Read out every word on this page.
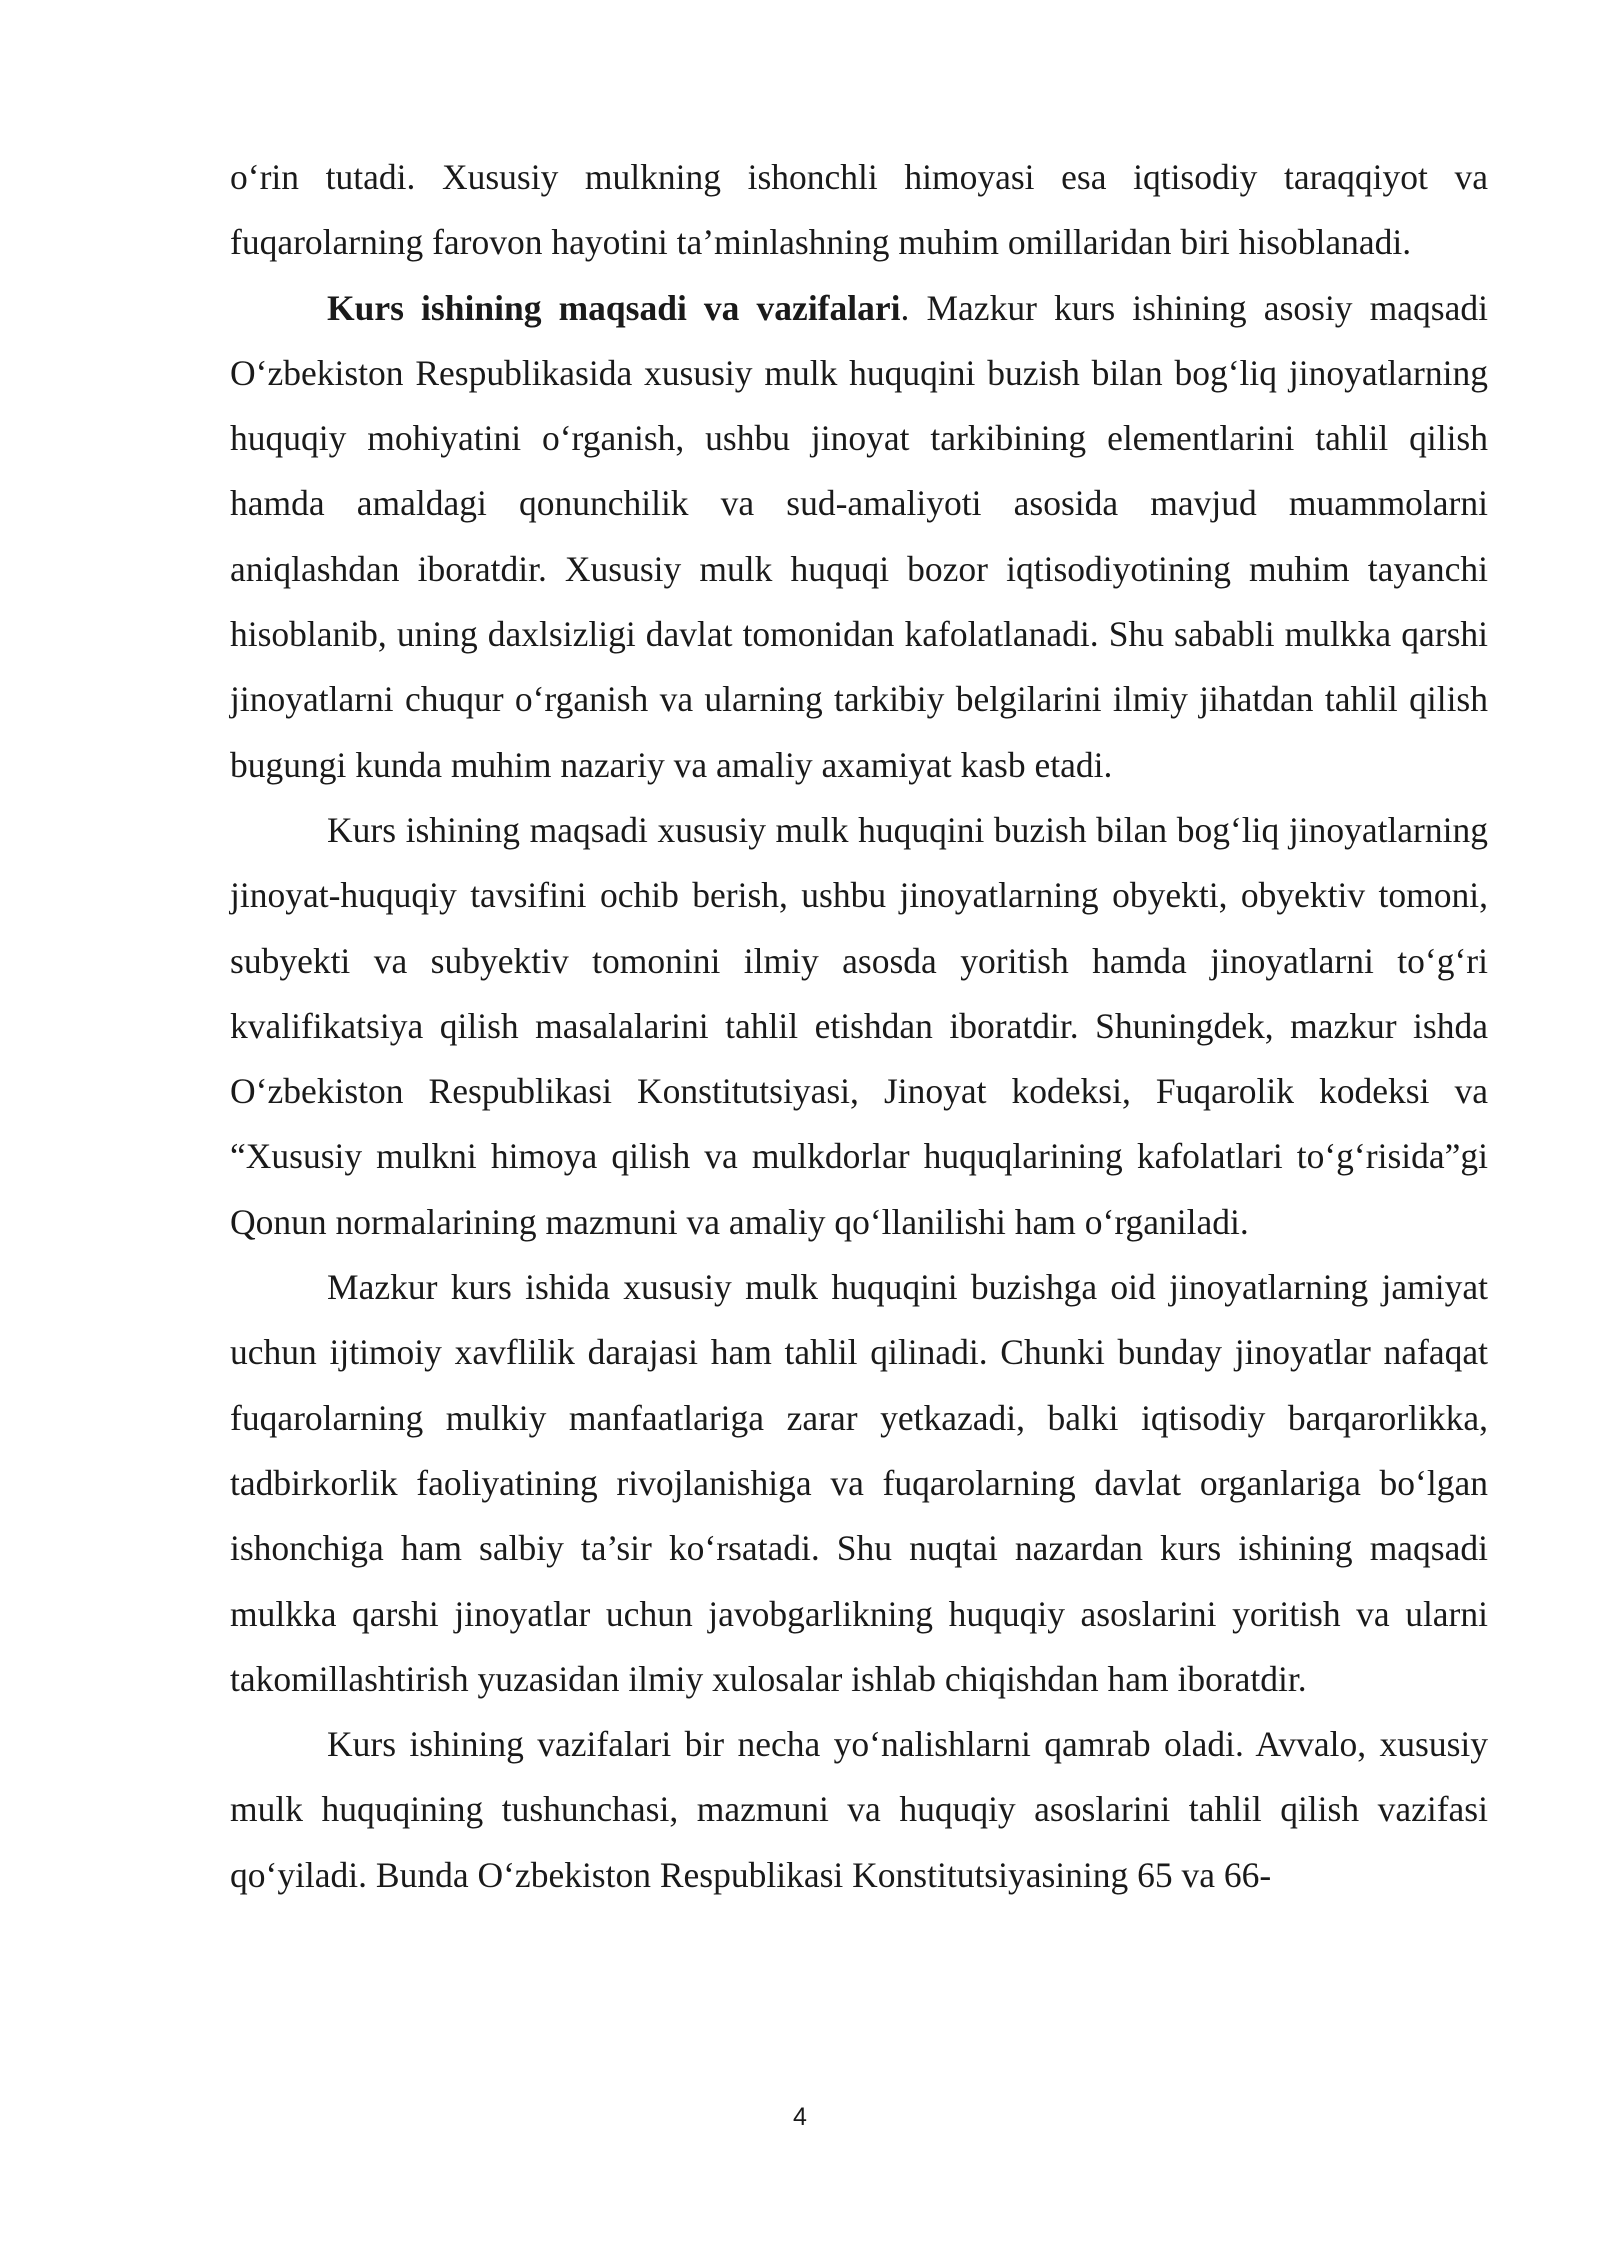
o‘rin tutadi. Xususiy mulkning ishonchli himoyasi esa iqtisodiy taraqqiyot va fuqarolarning farovon hayotini ta’minlashning muhim omillaridan biri hisoblanadi.

Kurs ishining maqsadi va vazifalari. Mazkur kurs ishining asosiy maqsadi O‘zbekiston Respublikasida xususiy mulk huquqini buzish bilan bog‘liq jinoyatlarning huquqiy mohiyatini o‘rganish, ushbu jinoyat tarkibining elementlarini tahlil qilish hamda amaldagi qonunchilik va sud-amaliyoti asosida mavjud muammolarni aniqlashdan iboratdir. Xususiy mulk huquqi bozor iqtisodiyotining muhim tayanchi hisoblanib, uning daxlsizligi davlat tomonidan kafolatlanadi. Shu sababli mulkka qarshi jinoyatlarni chuqur o‘rganish va ularning tarkibiy belgilarini ilmiy jihatdan tahlil qilish bugungi kunda muhim nazariy va amaliy axamiyat kasb etadi.

Kurs ishining maqsadi xususiy mulk huquqini buzish bilan bog‘liq jinoyatlarning jinoyat-huquqiy tavsifini ochib berish, ushbu jinoyatlarning obyekti, obyektiv tomoni, subyekti va subyektiv tomonini ilmiy asosda yoritish hamda jinoyatlarni to‘g‘ri kvalifikatsiya qilish masalalarini tahlil etishdan iboratdir. Shuningdek, mazkur ishda O‘zbekiston Respublikasi Konstitutsiyasi, Jinoyat kodeksi, Fuqarolik kodeksi va “Xususiy mulkni himoya qilish va mulkdorlar huquqlarining kafolatlari to‘g‘risida”gi Qonun normalarining mazmuni va amaliy qo‘llanilishi ham o‘rganiladi.

Mazkur kurs ishida xususiy mulk huquqini buzishga oid jinoyatlarning jamiyat uchun ijtimoiy xavflilik darajasi ham tahlil qilinadi. Chunki bunday jinoyatlar nafaqat fuqarolarning mulkiy manfaatlariga zarar yetkazadi, balki iqtisodiy barqarorlikka, tadbirkorlik faoliyatining rivojlanishiga va fuqarolarning davlat organlariga bo‘lgan ishonchiga ham salbiy ta’sir ko‘rsatadi. Shu nuqtai nazardan kurs ishining maqsadi mulkka qarshi jinoyatlar uchun javobgarlikning huquqiy asoslarini yoritish va ularni takomillashtirish yuzasidan ilmiy xulosalar ishlab chiqishdan ham iboratdir.

Kurs ishining vazifalari bir necha yo‘nalishlarni qamrab oladi. Avvalo, xususiy mulk huquqining tushunchasi, mazmuni va huquqiy asoslarini tahlil qilish vazifasi qo‘yiladi. Bunda O‘zbekiston Respublikasi Konstitutsiyasining 65 va 66-

4
